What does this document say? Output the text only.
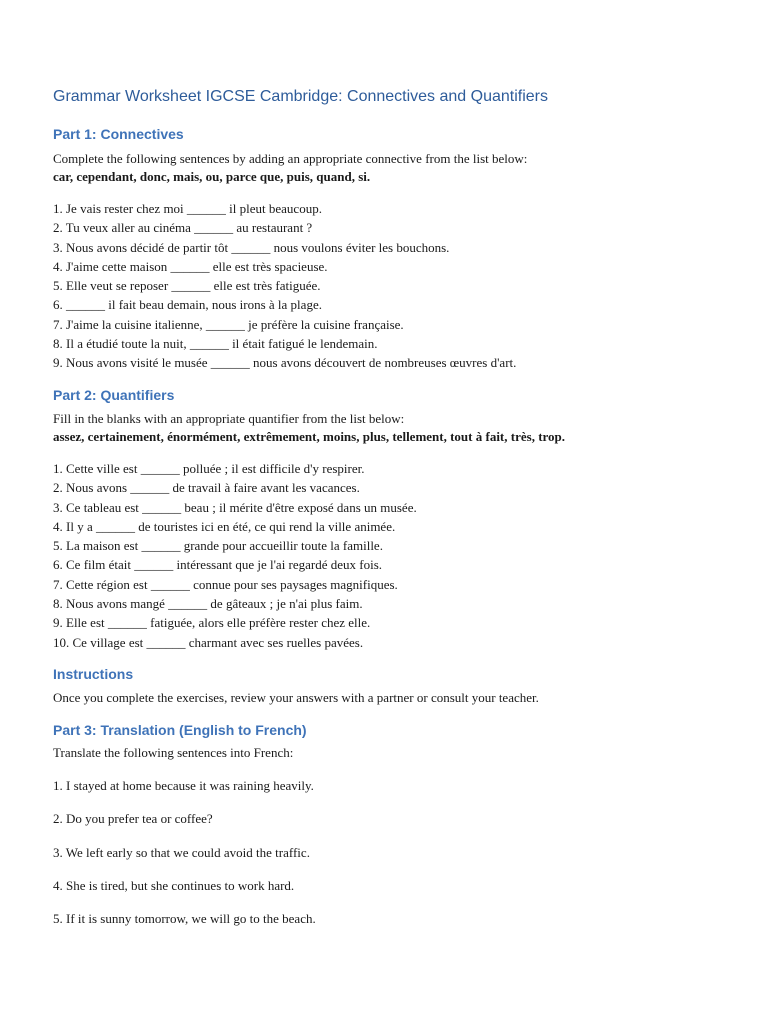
Grammar Worksheet IGCSE Cambridge: Connectives and Quantifiers
Part 1: Connectives

Complete the following sentences by adding an appropriate connective from the list below:

car, cependant, donc, mais, ou, parce que, puis, quand, si.

1. Je vais rester chez moi ______ il pleut beaucoup.
2. Tu veux aller au cinéma ______ au restaurant ?
3. Nous avons décidé de partir tôt ______ nous voulons éviter les bouchons.
4. J'aime cette maison ______ elle est très spacieuse.
5. Elle veut se reposer ______ elle est très fatiguée.
6. ______ il fait beau demain, nous irons à la plage.
7. J'aime la cuisine italienne, ______ je préfère la cuisine française.
8. Il a étudié toute la nuit, ______ il était fatigué le lendemain.
9. Nous avons visité le musée ______ nous avons découvert de nombreuses œuvres d'art.
Part 2: Quantifiers

Fill in the blanks with an appropriate quantifier from the list below:

assez, certainement, énormément, extrêmement, moins, plus, tellement, tout à fait, très, trop.

1. Cette ville est ______ polluée ; il est difficile d'y respirer.
2. Nous avons ______ de travail à faire avant les vacances.
3. Ce tableau est ______ beau ; il mérite d'être exposé dans un musée.
4. Il y a ______ de touristes ici en été, ce qui rend la ville animée.
5. La maison est ______ grande pour accueillir toute la famille.
6. Ce film était ______ intéressant que je l'ai regardé deux fois.
7. Cette région est ______ connue pour ses paysages magnifiques.
8. Nous avons mangé ______ de gâteaux ; je n'ai plus faim.
9. Elle est ______ fatiguée, alors elle préfère rester chez elle.
10. Ce village est ______ charmant avec ses ruelles pavées.
Instructions

Once you complete the exercises, review your answers with a partner or consult your teacher.

Part 3: Translation (English to French)

Translate the following sentences into French:

1. I stayed at home because it was raining heavily.
2. Do you prefer tea or coffee?
3. We left early so that we could avoid the traffic.
4. She is tired, but she continues to work hard.
5. If it is sunny tomorrow, we will go to the beach.
